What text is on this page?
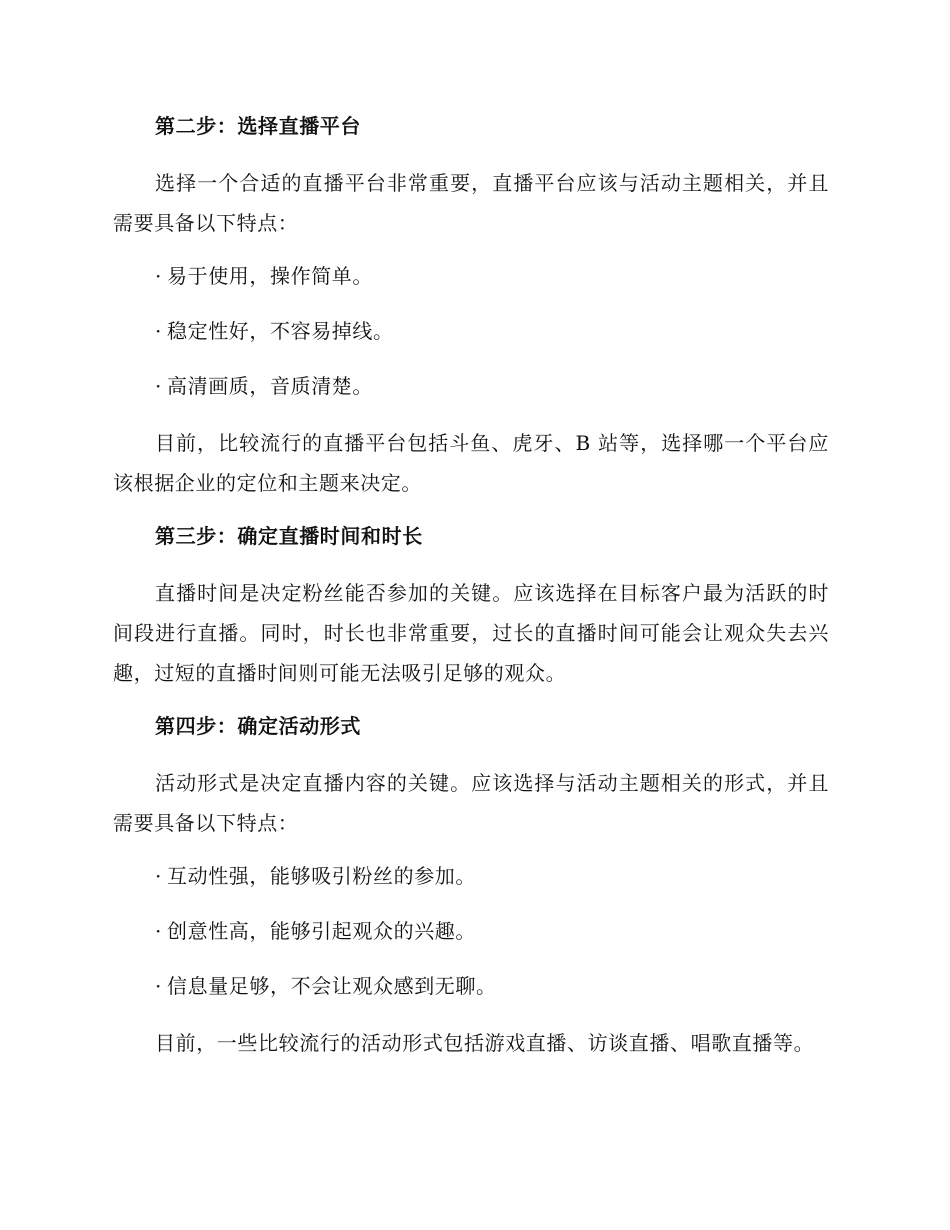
第二步：选择直播平台

选择一个合适的直播平台非常重要，直播平台应该与活动主题相关，并且需要具备以下特点：

· 易于使用，操作简单。
· 稳定性好，不容易掉线。
· 高清画质，音质清楚。

目前，比较流行的直播平台包括斗鱼、虎牙、B 站等，选择哪一个平台应该根据企业的定位和主题来决定。

第三步：确定直播时间和时长

直播时间是决定粉丝能否参加的关键。应该选择在目标客户最为活跃的时间段进行直播。同时，时长也非常重要，过长的直播时间可能会让观众失去兴趣，过短的直播时间则可能无法吸引足够的观众。

第四步：确定活动形式

活动形式是决定直播内容的关键。应该选择与活动主题相关的形式，并且需要具备以下特点：

· 互动性强，能够吸引粉丝的参加。
· 创意性高，能够引起观众的兴趣。
· 信息量足够，不会让观众感到无聊。

目前，一些比较流行的活动形式包括游戏直播、访谈直播、唱歌直播等。
